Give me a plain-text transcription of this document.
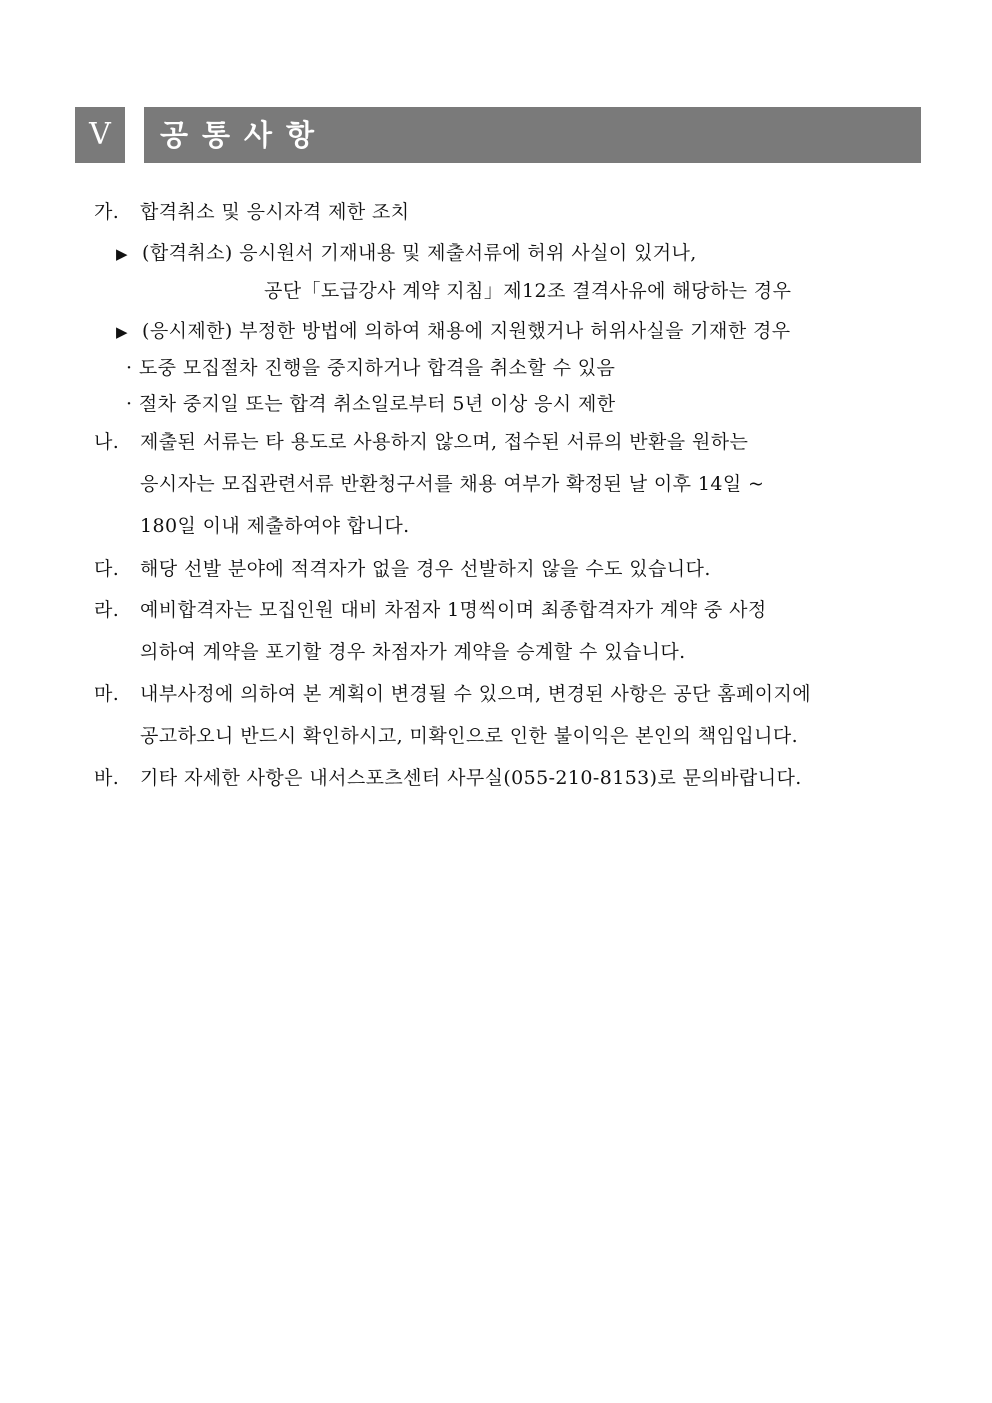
Ⅴ	공통사항
가. 합격취소 및 응시자격 제한 조치
▶ (합격취소) 응시원서 기재내용 및 제출서류에 허위 사실이 있거나,
공단「도급강사 계약 지침」제12조 결격사유에 해당하는 경우
▶ (응시제한) 부정한 방법에 의하여 채용에 지원했거나 허위사실을 기재한 경우
· 도중 모집절차 진행을 중지하거나 합격을 취소할 수 있음
· 절차 중지일 또는 합격 취소일로부터 5년 이상 응시 제한
나. 제출된 서류는 타 용도로 사용하지 않으며, 접수된 서류의 반환을 원하는
응시자는 모집관련서류 반환청구서를 채용 여부가 확정된 날 이후 14일 ~
180일 이내 제출하여야 합니다.
다. 해당 선발 분야에 적격자가 없을 경우 선발하지 않을 수도 있습니다.
라. 예비합격자는 모집인원 대비 차점자 1명씩이며 최종합격자가 계약 중 사정
의하여 계약을 포기할 경우 차점자가 계약을 승계할 수 있습니다.
마. 내부사정에 의하여 본 계획이 변경될 수 있으며, 변경된 사항은 공단 홈페이지에
공고하오니 반드시 확인하시고, 미확인으로 인한 불이익은 본인의 책임입니다.
바. 기타 자세한 사항은 내서스포츠센터 사무실(055-210-8153)로 문의바랍니다.
